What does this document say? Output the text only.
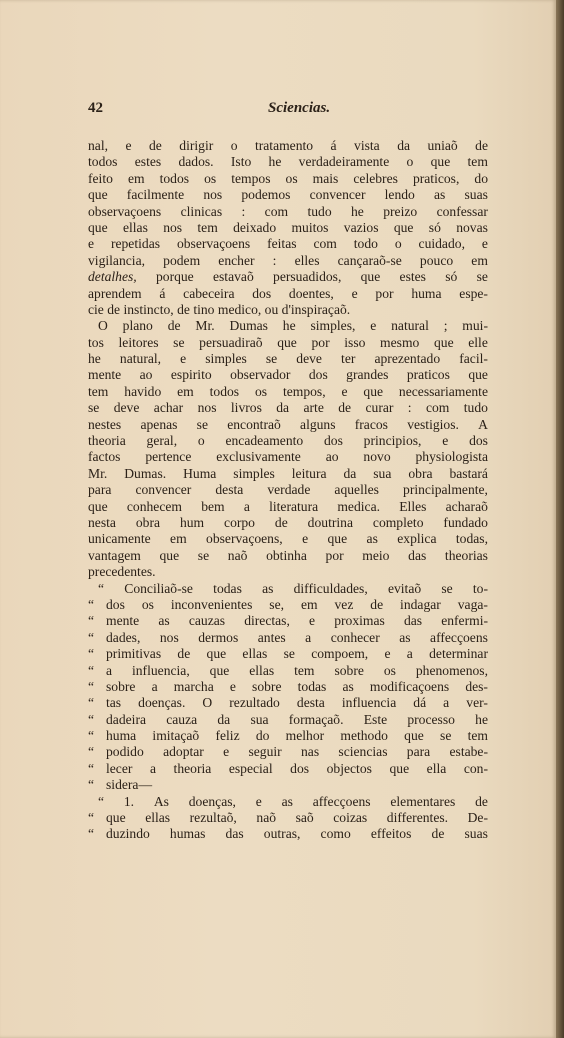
42	Sciencias.
nal, e de dirigir o tratamento á vista da uniaõ de
todos estes dados. Isto he verdadeiramente o que tem
feito em todos os tempos os mais celebres praticos, do
que facilmente nos podemos convencer lendo as suas
observaçoens clinicas : com tudo he preizo confessar
que ellas nos tem deixado muitos vazios que só novas
e repetidas observaçoens feitas com todo o cuidado, e
vigilancia, podem encher : elles cançaraõ-se pouco em
detalhes, porque estavaõ persuadidos, que estes só se
aprendem á cabeceira dos doentes, e por huma espe-
cie de instincto, de tino medico, ou d'inspiraçaõ.
O plano de Mr. Dumas he simples, e natural ; mui-
tos leitores se persuadiraõ que por isso mesmo que elle
he natural, e simples se deve ter aprezentado facil-
mente ao espirito observador dos grandes praticos que
tem havido em todos os tempos, e que necessariamente
se deve achar nos livros da arte de curar : com tudo
nestes apenas se encontraõ alguns fracos vestigios. A
theoria geral, o encadeamento dos principios, e dos
factos pertence exclusivamente ao novo physiologista
Mr. Dumas. Huma simples leitura da sua obra bastará
para convencer desta verdade aquelles principalmente,
que conhecem bem a literatura medica. Elles acharaõ
nesta obra hum corpo de doutrina completo fundado
unicamente em observaçoens, e que as explica todas,
vantagem que se naõ obtinha por meio das theorias
precedentes.
“ Conciliaõ-se todas as difficuldades, evitaõ se to-
“ dos os inconvenientes se, em vez de indagar vaga-
“ mente as cauzas directas, e proximas das enfermi-
“ dades, nos dermos antes a conhecer as affecçoens
“ primitivas de que ellas se compoem, e a determinar
“ a influencia, que ellas tem sobre os phenomenos,
“ sobre a marcha e sobre todas as modificaçoens des-
“ tas doenças. O rezultado desta influencia dá a ver-
“ dadeira cauza da sua formaçaõ. Este processo he
“ huma imitaçaõ feliz do melhor methodo que se tem
“ podido adoptar e seguir nas sciencias para estabe-
“ lecer a theoria especial dos objectos que ella con-
“ sidera—
“ 1. As doenças, e as affecçoens elementares de
“ que ellas rezultaõ, naõ saõ coizas differentes. De-
“ duzindo humas das outras, como effeitos de suas
